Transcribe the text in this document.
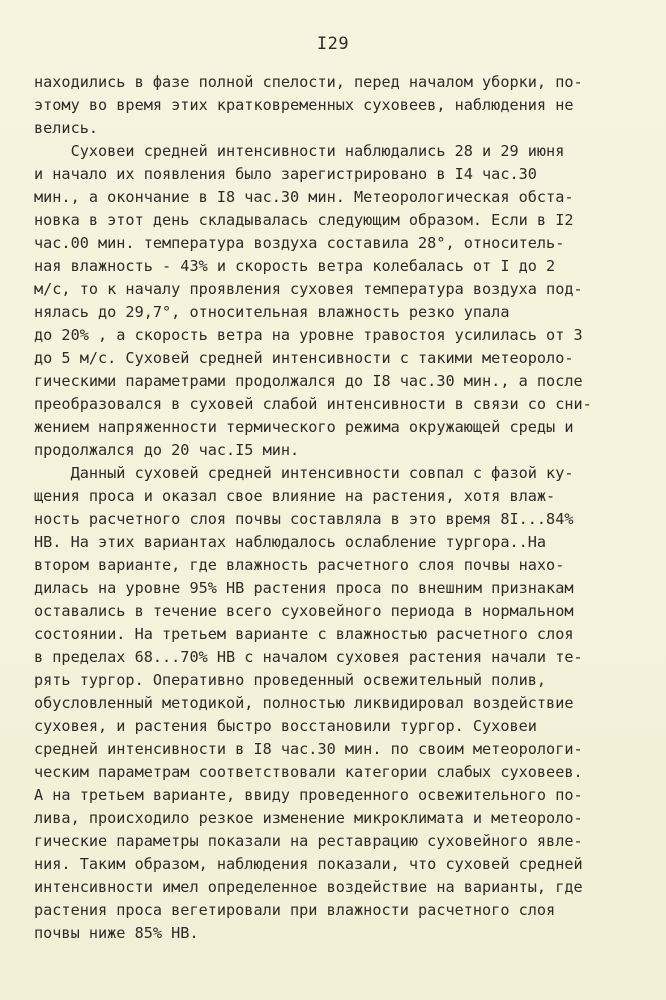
I29
находились в фазе полной спелости, перед началом уборки, по-
этому во время этих кратковременных суховеев, наблюдения не
велись.
Суховеи средней интенсивности наблюдались 28 и 29 июня
и начало их появления было зарегистрировано в I4 час.30
мин., а окончание в I8 час.30 мин. Метеорологическая обста-
новка в этот день складывалась следующим образом. Если в I2
час.00 мин. температура воздуха составила 28°, относитель-
ная влажность - 43% и скорость ветра колебалась от I до 2
м/с, то к началу проявления суховея температура воздуха под-
нялась до 29,7°, относительная влажность резко упала
до 20% , а скорость ветра на уровне травостоя усилилась от 3
до 5 м/с. Суховей средней интенсивности с такими метеороло-
гическими параметрами продолжался до I8 час.30 мин., а после
преобразовался в суховей слабой интенсивности в связи со сни-
жением напряженности термического режима окружающей среды и
продолжался до 20 час.I5 мин.
Данный суховей средней интенсивности совпал с фазой ку-
щения проса и оказал свое влияние на растения, хотя влаж-
ность расчетного слоя почвы составляла в это время 8I...84%
НВ. На этих вариантах наблюдалось ослабление тургора..На
втором варианте, где влажность расчетного слоя почвы нахо-
дилась на уровне 95% НВ растения проса по внешним признакам
оставались в течение всего суховейного периода в нормальном
состоянии. На третьем варианте с влажностью расчетного слоя
в пределах 68...70% НВ с началом суховея растения начали те-
рять тургор. Оперативно проведенный освежительный полив,
обусловленный методикой, полностью ликвидировал воздействие
суховея, и растения быстро восстановили тургор. Суховеи
средней интенсивности в I8 час.30 мин. по своим метеорологи-
ческим параметрам соответствовали категории слабых суховеев.
А на третьем варианте, ввиду проведенного освежительного по-
лива, происходило резкое изменение микроклимата и метеороло-
гические параметры показали на реставрацию суховейного явле-
ния. Таким образом, наблюдения показали, что суховей средней
интенсивности имел определенное воздействие на варианты, где
растения проса вегетировали при влажности расчетного слоя
почвы ниже 85% НВ.
